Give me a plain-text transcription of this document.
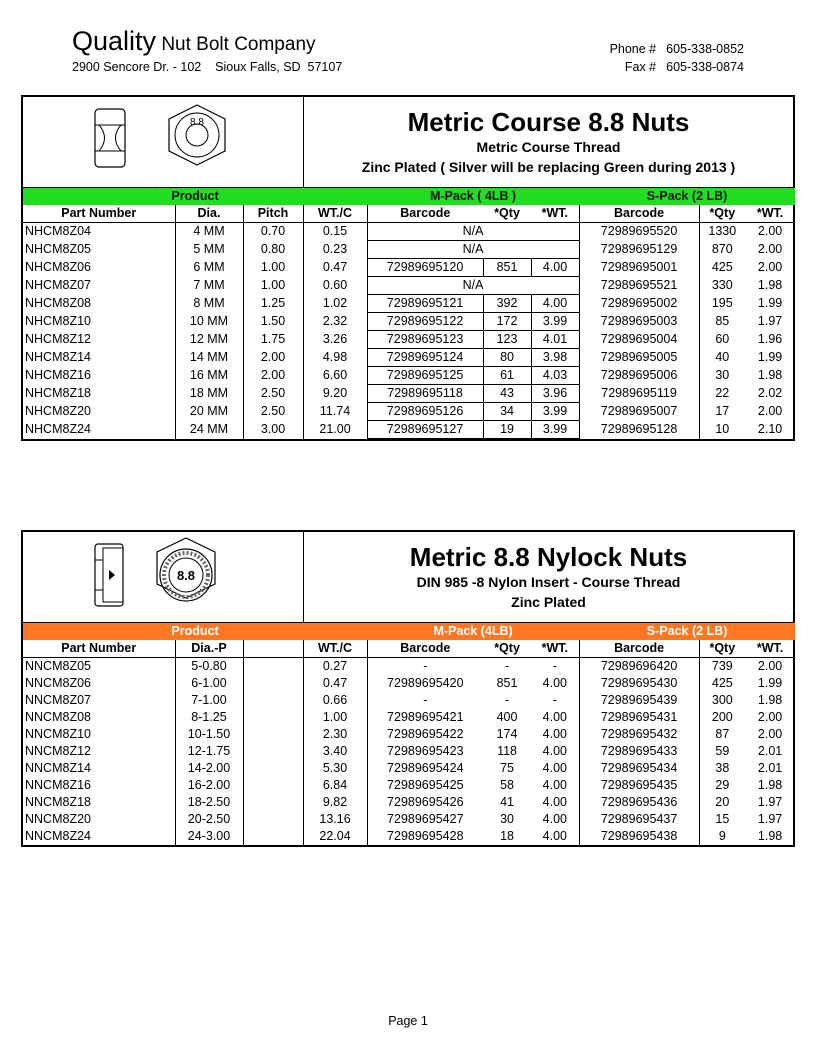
Quality Nut Bolt Company
2900 Sencore Dr. - 102    Sioux Falls, SD  57107
Phone # 605-338-0852
Fax # 605-338-0874
8.8	Metric Course 8.8 Nuts
Metric Course Thread
Zinc Plated ( Silver will be replacing Green during 2013 )
Product				M-Pack ( 4LB )			S-Pack (2 LB)		
Part Number	Dia.	Pitch	WT./C	Barcode	*Qty	*WT.	Barcode	*Qty	*WT.
NHCM8Z04	4 MM	0.70	0.15	N/A			72989695520	1330	2.00
NHCM8Z05	5 MM	0.80	0.23	N/A			72989695129	870	2.00
NHCM8Z06	6 MM	1.00	0.47	72989695120	851	4.00	72989695001	425	2.00
NHCM8Z07	7 MM	1.00	0.60	N/A			72989695521	330	1.98
NHCM8Z08	8 MM	1.25	1.02	72989695121	392	4.00	72989695002	195	1.99
NHCM8Z10	10 MM	1.50	2.32	72989695122	172	3.99	72989695003	85	1.97
NHCM8Z12	12 MM	1.75	3.26	72989695123	123	4.01	72989695004	60	1.96
NHCM8Z14	14 MM	2.00	4.98	72989695124	80	3.98	72989695005	40	1.99
NHCM8Z16	16 MM	2.00	6.60	72989695125	61	4.03	72989695006	30	1.98
NHCM8Z18	18 MM	2.50	9.20	72989695118	43	3.96	72989695119	22	2.02
NHCM8Z20	20 MM	2.50	11.74	72989695126	34	3.99	72989695007	17	2.00
NHCM8Z24	24 MM	3.00	21.00	72989695127	19	3.99	72989695128	10	2.10
8.8
Metric 8.8 Nylock Nuts
DIN 985 -8 Nylon Insert - Course Thread
Zinc Plated
Product				M-Pack (4LB)			S-Pack (2 LB)		
Part Number	Dia.-P		WT./C	Barcode	*Qty	*WT.	Barcode	*Qty	*WT.
NNCM8Z05	5-0.80		0.27	-	-	-	72989696420	739	2.00
NNCM8Z06	6-1.00		0.47	72989695420	851	4.00	72989695430	425	1.99
NNCM8Z07	7-1.00		0.66	-	-	-	72989695439	300	1.98
NNCM8Z08	8-1.25		1.00	72989695421	400	4.00	72989695431	200	2.00
NNCM8Z10	10-1.50		2.30	72989695422	174	4.00	72989695432	87	2.00
NNCM8Z12	12-1.75		3.40	72989695423	118	4.00	72989695433	59	2.01
NNCM8Z14	14-2.00		5.30	72989695424	75	4.00	72989695434	38	2.01
NNCM8Z16	16-2.00		6.84	72989695425	58	4.00	72989695435	29	1.98
NNCM8Z18	18-2.50		9.82	72989695426	41	4.00	72989695436	20	1.97
NNCM8Z20	20-2.50		13.16	72989695427	30	4.00	72989695437	15	1.97
NNCM8Z24	24-3.00		22.04	72989695428	18	4.00	72989695438	9	1.98
Page 1
